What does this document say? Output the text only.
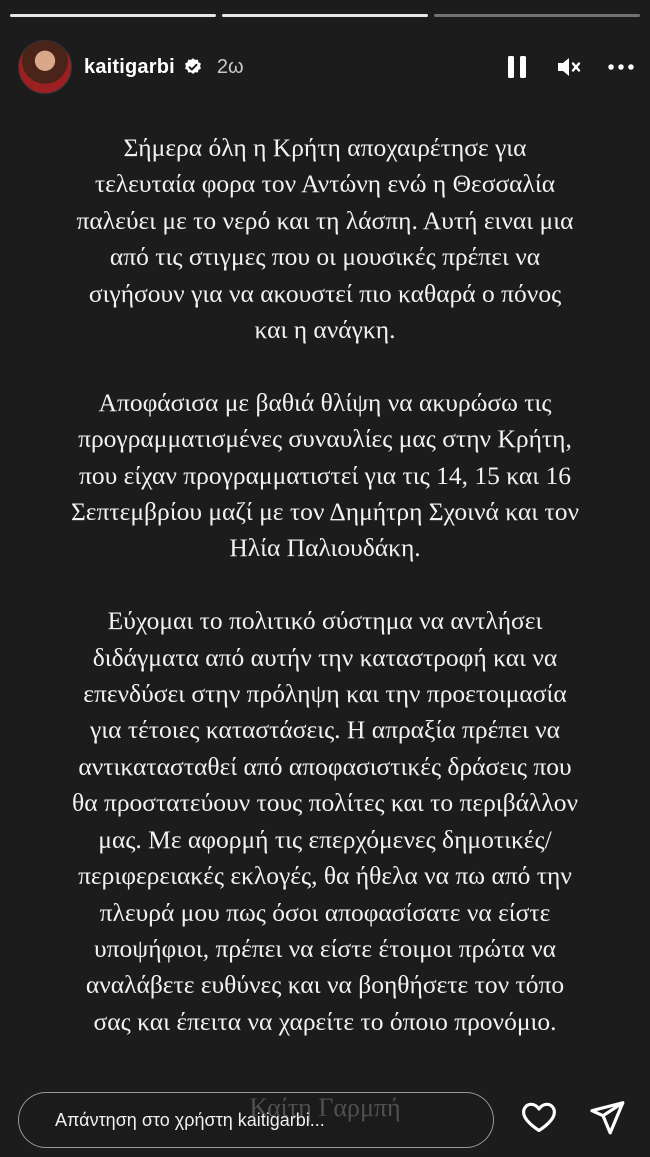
kaitigarbi 2ω

Σήμερα όλη η Κρήτη αποχαιρέτησε για
τελευταία φορα τον Αντώνη ενώ η Θεσσαλία
παλεύει με το νερό και τη λάσπη. Αυτή ειναι μια
από τις στιγμες που οι μουσικές πρέπει να
σιγήσουν για να ακουστεί πιο καθαρά ο πόνος
και η ανάγκη.

Αποφάσισα με βαθιά θλίψη να ακυρώσω τις
προγραμματισμένες συναυλίες μας στην Κρήτη,
που είχαν προγραμματιστεί για τις 14, 15 και 16
Σεπτεμβρίου μαζί με τον Δημήτρη Σχοινά και τον
Ηλία Παλιουδάκη.

Εύχομαι το πολιτικό σύστημα να αντλήσει
διδάγματα από αυτήν την καταστροφή και να
επενδύσει στην πρόληψη και την προετοιμασία
για τέτοιες καταστάσεις. Η απραξία πρέπει να
αντικατασταθεί από αποφασιστικές δράσεις που
θα προστατεύουν τους πολίτες και το περιβάλλον
μας. Με αφορμή τις επερχόμενες δημοτικές/
περιφερειακές εκλογές, θα ήθελα να πω από την
πλευρά μου πως όσοι αποφασίσατε να είστε
υποψήφιοι, πρέπει να είστε έτοιμοι πρώτα να
αναλάβετε ευθύνες και να βοηθήσετε τον τόπο
σας και έπειτα να χαρείτε το όποιο προνόμιο.

Απάντηση στο χρήστη kaitigarbi...
